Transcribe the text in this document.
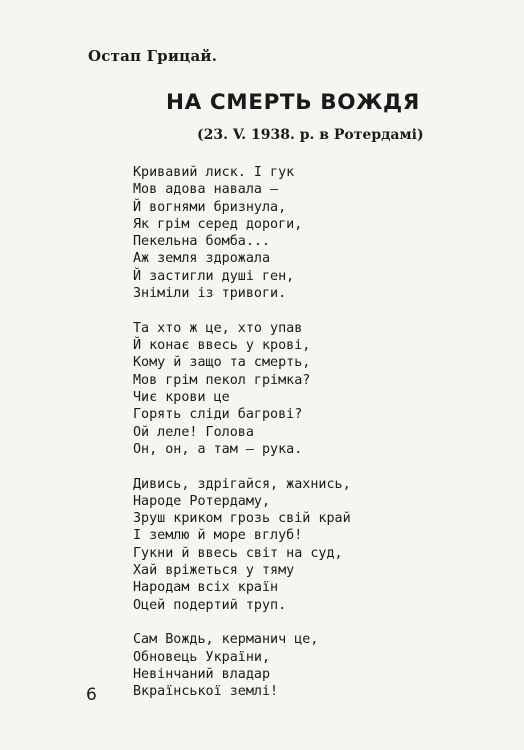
Остап Грицай.
НА СМЕРТЬ ВОЖДЯ
(23. V. 1938. р. в Ротердамі)
Кривавий лиск. І гук
Мов адова навала —
Й вогнями бризнула,
Як грім серед дороги,
Пекельна бомба...
Аж земля здрожала
Й застигли душі ген,
Зніміли із тривоги.
Та хто ж це, хто упав
Й конає ввесь у крові,
Кому й защо та смерть,
Мов грім пекол грімка?
Чиє крови це
Горять сліди багрові?
Ой леле! Голова
Он, он, а там — рука.
Дивись, здрігайся, жахнись,
Народе Ротердаму,
Зруш криком грозь свій край
І землю й море вглуб!
Гукни й ввесь світ на суд,
Хай вріжеться у тяму
Народам всіх країн
Оцей подертий труп.
Сам Вождь, керманич це,
Обновець України,
Невінчаний владар
Вкраїнської землі!
6
